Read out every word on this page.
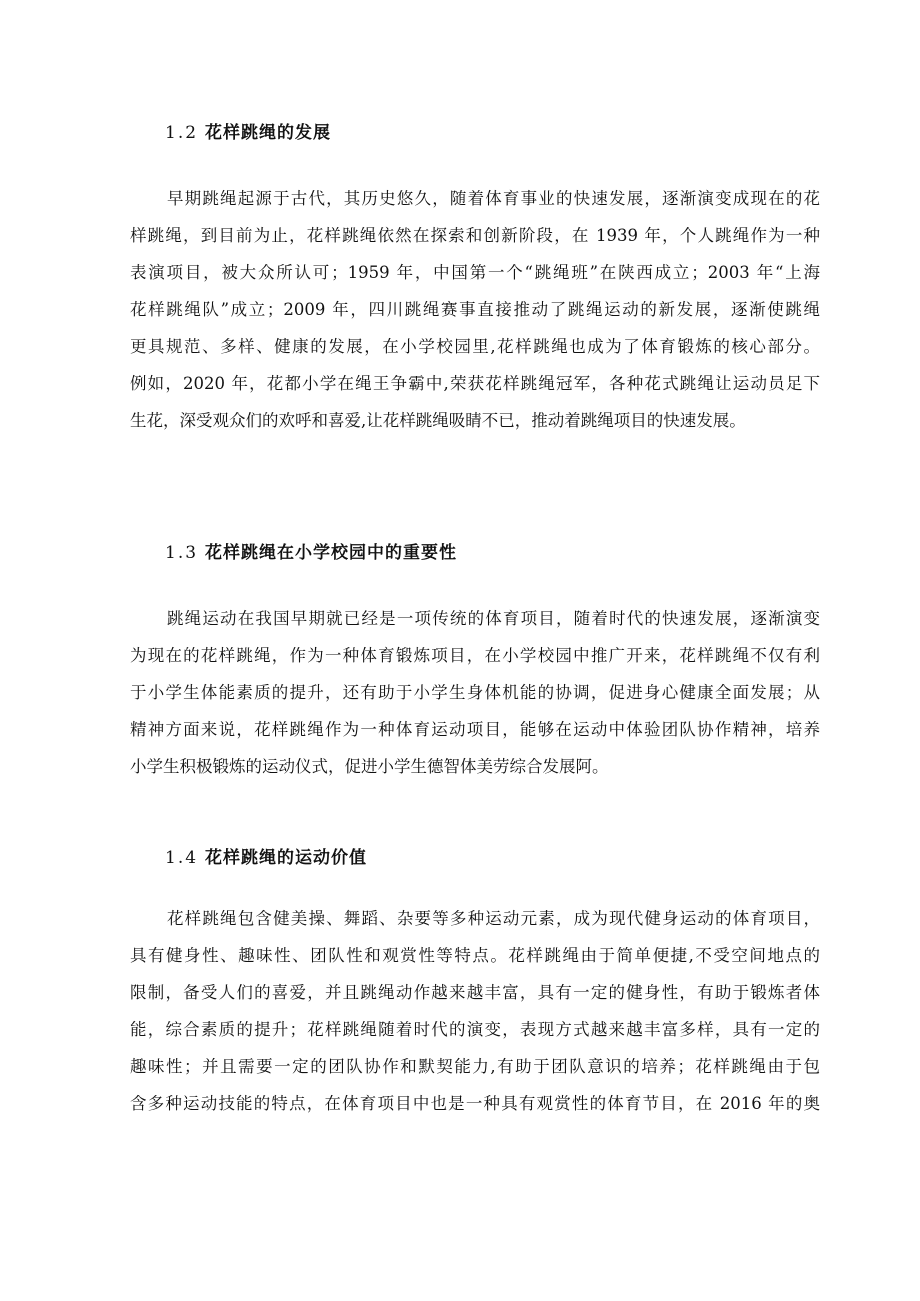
1.2 花样跳绳的发展
早期跳绳起源于古代，其历史悠久，随着体育事业的快速发展，逐渐演变成现在的花
样跳绳，到目前为止，花样跳绳依然在探索和创新阶段，在 1939 年，个人跳绳作为一种
表演项目，被大众所认可；1959 年，中国第一个“跳绳班”在陕西成立；2003 年“上海
花样跳绳队”成立；2009 年，四川跳绳赛事直接推动了跳绳运动的新发展，逐渐使跳绳
更具规范、多样、健康的发展，在小学校园里,花样跳绳也成为了体育锻炼的核心部分。
例如，2020 年，花都小学在绳王争霸中,荣获花样跳绳冠军，各种花式跳绳让运动员足下
生花，深受观众们的欢呼和喜爱,让花样跳绳吸睛不已，推动着跳绳项目的快速发展。
1.3 花样跳绳在小学校园中的重要性
跳绳运动在我国早期就已经是一项传统的体育项目，随着时代的快速发展，逐渐演变
为现在的花样跳绳，作为一种体育锻炼项目，在小学校园中推广开来，花样跳绳不仅有利
于小学生体能素质的提升，还有助于小学生身体机能的协调，促进身心健康全面发展；从
精神方面来说，花样跳绳作为一种体育运动项目，能够在运动中体验团队协作精神，培养
小学生积极锻炼的运动仪式，促进小学生德智体美劳综合发展阿。
1.4 花样跳绳的运动价值
花样跳绳包含健美操、舞蹈、杂要等多种运动元素，成为现代健身运动的体育项目，
具有健身性、趣味性、团队性和观赏性等特点。花样跳绳由于简单便捷,不受空间地点的
限制，备受人们的喜爱，并且跳绳动作越来越丰富，具有一定的健身性，有助于锻炼者体
能，综合素质的提升；花样跳绳随着时代的演变，表现方式越来越丰富多样，具有一定的
趣味性；并且需要一定的团队协作和默契能力,有助于团队意识的培养；花样跳绳由于包
含多种运动技能的特点，在体育项目中也是一种具有观赏性的体育节目，在 2016 年的奥
